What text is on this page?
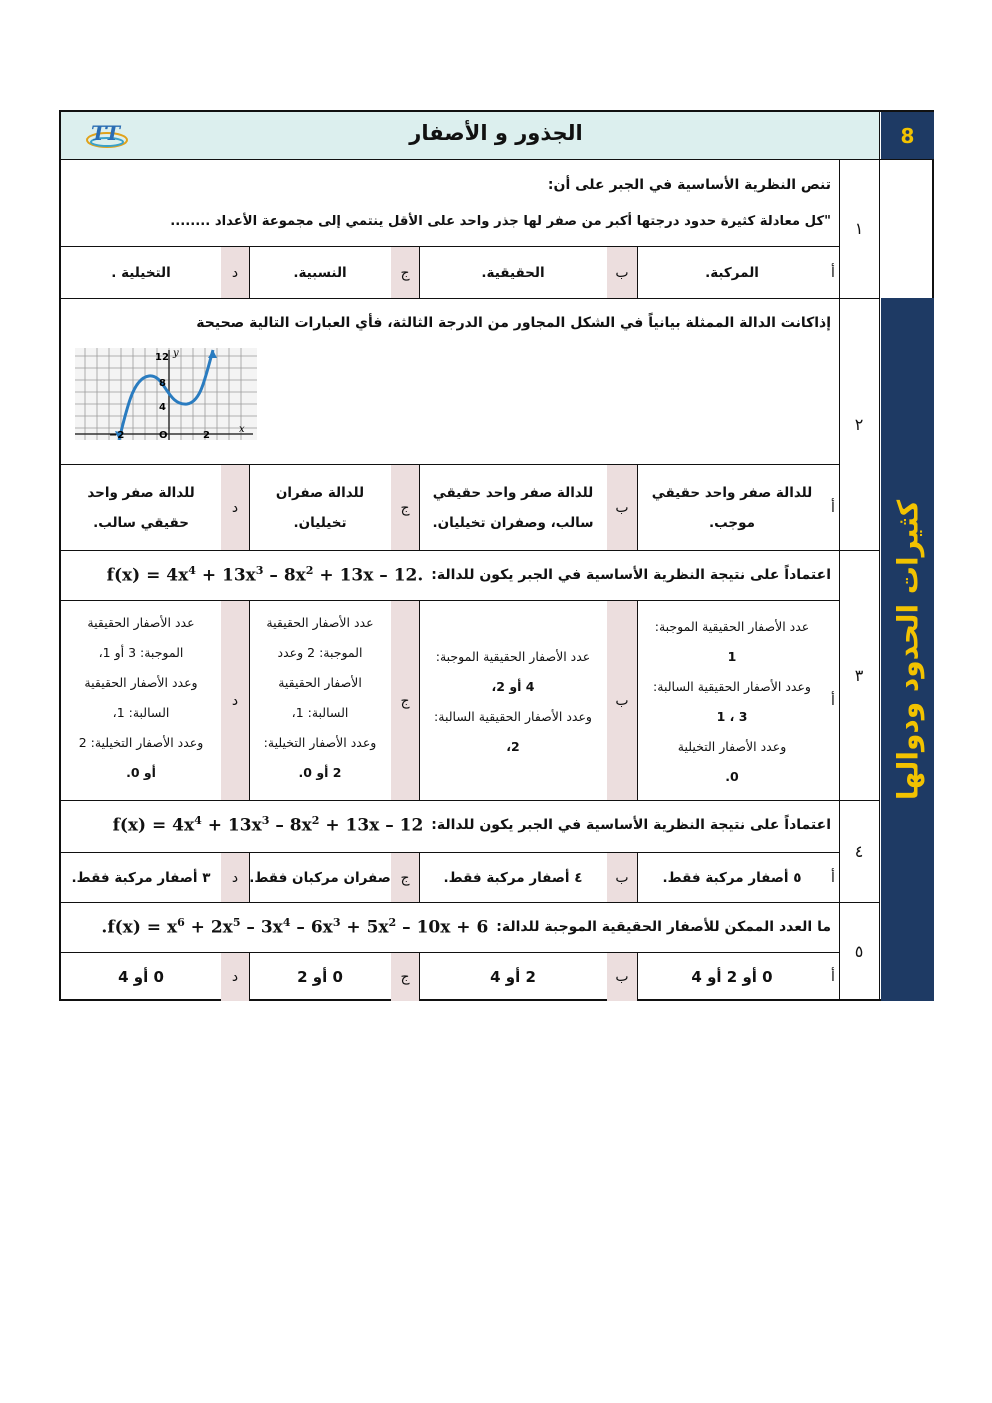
الجذور و الأصفار
TT	8
كثيرات الحدود ودوالها
١
تنص النظرية الأساسية في الجبر على أن:
"كل معادلة كثيرة حدود درجتها أكبر من صفر لها جذر واحد على الأقل ينتمي إلى مجموعة الأعداد ........
أ
المركبة.
ب
الحقيقية.
ج
النسبية.
د
التخيلية .
٢
إذاكانت الدالة الممثلة بيانياً في الشكل المجاور من الدرجة الثالثة، فأي العبارات التالية صحيحة
12
8
4
O
−2	2
x
y
أ
للدالة صفر واحد حقيقي
موجب.
ب
للدالة صفر واحد حقيقي
سالب، وصفران تخيليان.
ج
للدالة صفران
تخيليان.
د
للدالة صفر واحد
حقيقي سالب.
٣
اعتماداً على نتيجة النظرية الأساسية في الجبر يكون للدالة:
$f(x) = 4x^4 + 13x^3 - 8x^2 + 13x - 12$.
أ
عدد الأصفار الحقيقية الموجبة:
1
وعدد الأصفار الحقيقية السالبة:
3 ، 1
وعدد الأصفار التخيلية
0.
ب
عدد الأصفار الحقيقية الموجبة:
4 أو 2،
وعدد الأصفار الحقيقية السالبة:
2،
ج
عدد الأصفار الحقيقية
الموجبة: 2 وعدد
الأصفار الحقيقية
السالبة: 1،
وعدد الأصفار التخيلية:
2 أو 0.
د
عدد الأصفار الحقيقية
الموجبة: 3 أو 1،
وعدد الأصفار الحقيقية
السالبة: 1،
وعدد الأصفار التخيلية: 2
أو 0.
٤
اعتماداً على نتيجة النظرية الأساسية في الجبر يكون للدالة:
$f(x) = 4x^4 + 13x^3 - 8x^2 + 13x - 12$
أ
٥ أصفار مركبة فقط.
ب
٤ أصفار مركبة فقط.
ج
صفران مركبان فقط.
د
٣ أصفار مركبة فقط.
٥
ما العدد الممكن للأصفار الحقيقية الموجبة للدالة:
$.f(x) = x^6 + 2x^5 - 3x^4 - 6x^3 + 5x^2 - 10x + 6$
أ
0 أو 2 أو 4
ب
2 أو 4
ج
0 أو 2
د
0 أو 4
